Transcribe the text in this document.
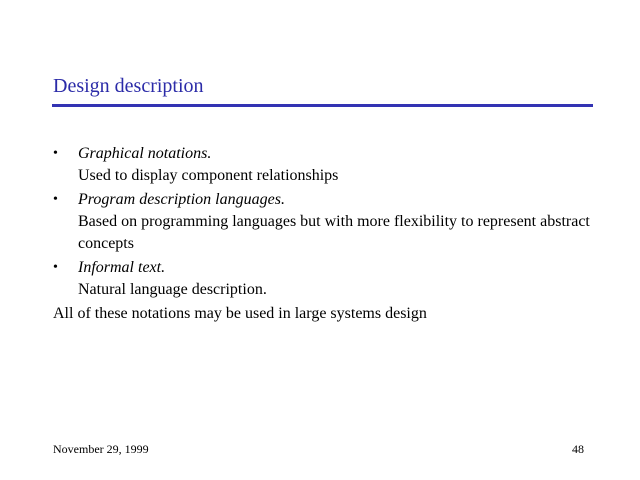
Design description
•	Graphical notations.
Used to display component relationships
•	Program description languages.
Based on programming languages but with more flexibility to represent abstract concepts
•	Informal text.
Natural language description.
All of these notations may be used in large systems design
November 29, 1999	48
